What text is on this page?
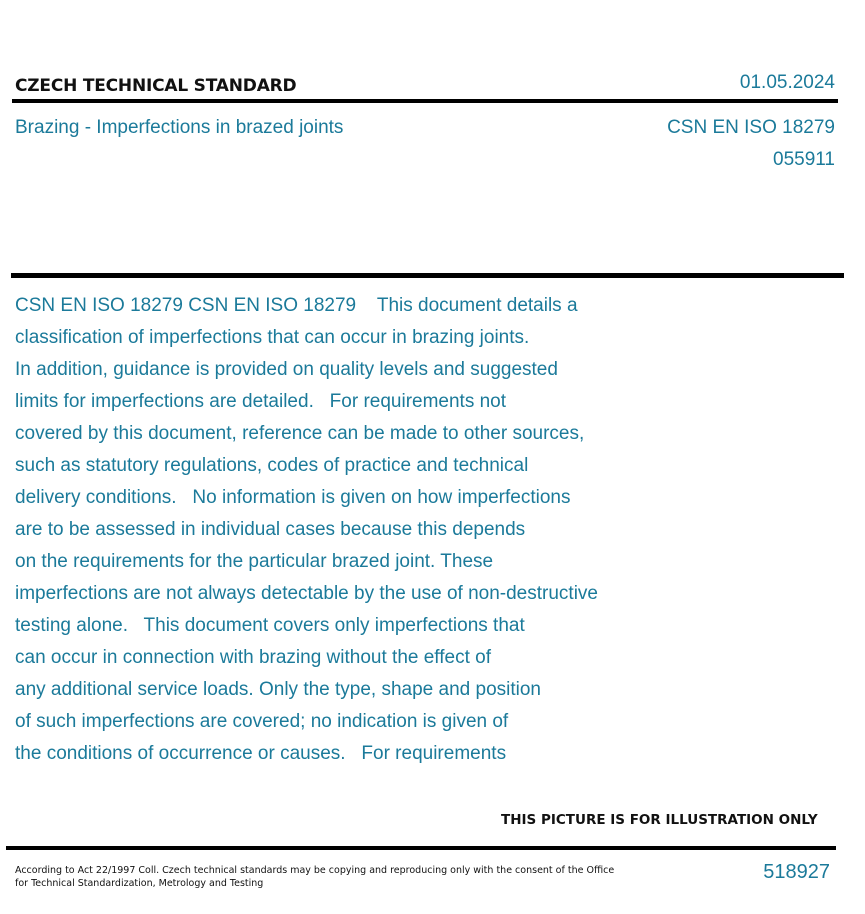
CZECH TECHNICAL STANDARD	01.05.2024
Brazing - Imperfections in brazed joints	CSN EN ISO 18279
055911
CSN EN ISO 18279 CSN EN ISO 18279    This document details a
classification of imperfections that can occur in brazing joints.
In addition, guidance is provided on quality levels and suggested
limits for imperfections are detailed.   For requirements not
covered by this document, reference can be made to other sources,
such as statutory regulations, codes of practice and technical
delivery conditions.   No information is given on how imperfections
are to be assessed in individual cases because this depends
on the requirements for the particular brazed joint. These
imperfections are not always detectable by the use of non-destructive
testing alone.   This document covers only imperfections that
can occur in connection with brazing without the effect of
any additional service loads. Only the type, shape and position
of such imperfections are covered; no indication is given of
the conditions of occurrence or causes.   For requirements
THIS PICTURE IS FOR ILLUSTRATION ONLY
According to Act 22/1997 Coll. Czech technical standards may be copying and reproducing only with the consent of the Office
for Technical Standardization, Metrology and Testing
518927
